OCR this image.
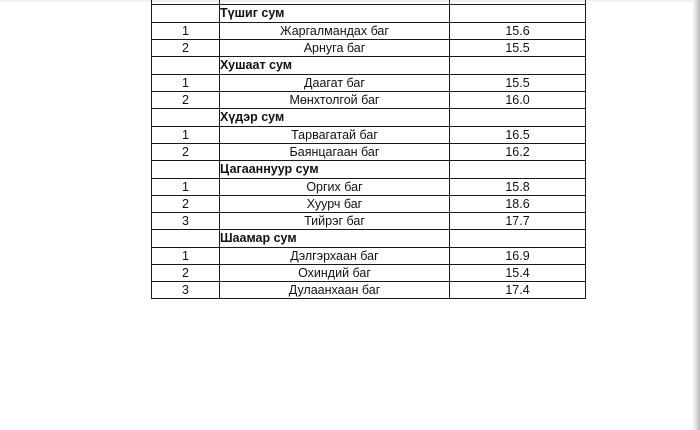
	Түшиг сум	
1	Жаргалмандах баг	15.6
2	Арнуга баг	15.5
	Хушаат сум	
1	Даагат баг	15.5
2	Мөнхтолгой баг	16.0
	Хүдэр сум	
1	Тарвагатай баг	16.5
2	Баянцагаан баг	16.2
	Цагааннуур сум	
1	Оргих баг	15.8
2	Хуурч баг	18.6
3	Тийрэг баг	17.7
	Шаамар сум	
1	Дэлгэрхаан баг	16.9
2	Охиндий баг	15.4
3	Дулаанхаан баг	17.4
